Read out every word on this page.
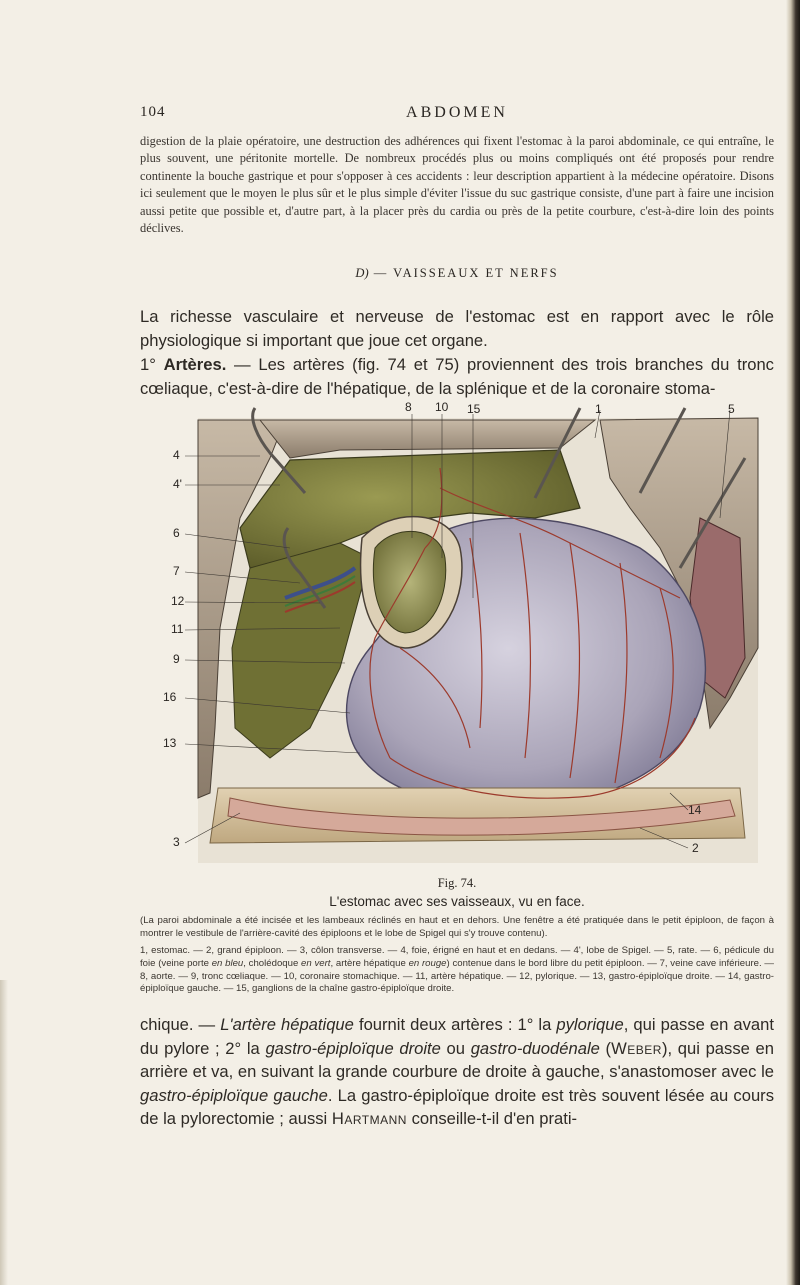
104	ABDOMEN
digestion de la plaie opératoire, une destruction des adhérences qui fixent l'estomac à la paroi abdominale, ce qui entraîne, le plus souvent, une péritonite mortelle. De nombreux procédés plus ou moins compliqués ont été proposés pour rendre continente la bouche gastrique et pour s'opposer à ces accidents : leur description appartient à la médecine opératoire. Disons ici seulement que le moyen le plus sûr et le plus simple d'éviter l'issue du suc gastrique consiste, d'une part à faire une incision aussi petite que possible et, d'autre part, à la placer près du cardia ou près de la petite courbure, c'est-à-dire loin des points déclives.
D) — VAISSEAUX ET NERFS
La richesse vasculaire et nerveuse de l'estomac est en rapport avec le rôle physiologique si important que joue cet organe.
1° Artères. — Les artères (fig. 74 et 75) proviennent des trois branches du tronc cœliaque, c'est-à-dire de l'hépatique, de la splénique et de la coronaire stoma-
8 10 15	1	5
4
4'
6
7
12
11
9
16
13
3
14
2
Fig. 74.
L'estomac avec ses vaisseaux, vu en face.
(La paroi abdominale a été incisée et les lambeaux réclinés en haut et en dehors. Une fenêtre a été pratiquée dans le petit épiploon, de façon à montrer le vestibule de l'arrière-cavité des épiploons et le lobe de Spigel qui s'y trouve contenu).
1, estomac. — 2, grand épiploon. — 3, côlon transverse. — 4, foie, érigné en haut et en dedans. — 4', lobe de Spigel. — 5, rate. — 6, pédicule du foie (veine porte en bleu, cholédoque en vert, artère hépatique en rouge) contenue dans le bord libre du petit épiploon. — 7, veine cave inférieure. — 8, aorte. — 9, tronc cœliaque. — 10, coronaire stomachique. — 11, artère hépatique. — 12, pylorique. — 13, gastro-épiploïque droite. — 14, gastro-épiploïque gauche. — 15, ganglions de la chaîne gastro-épiploïque droite.
chique. — L'artère hépatique fournit deux artères : 1° la pylorique, qui passe en avant du pylore ; 2° la gastro-épiploïque droite ou gastro-duodénale (Weber), qui passe en arrière et va, en suivant la grande courbure de droite à gauche, s'anastomoser avec le gastro-épiploïque gauche. La gastro-épiploïque droite est très souvent lésée au cours de la pylorectomie ; aussi Hartmann conseille-t-il d'en prati-
